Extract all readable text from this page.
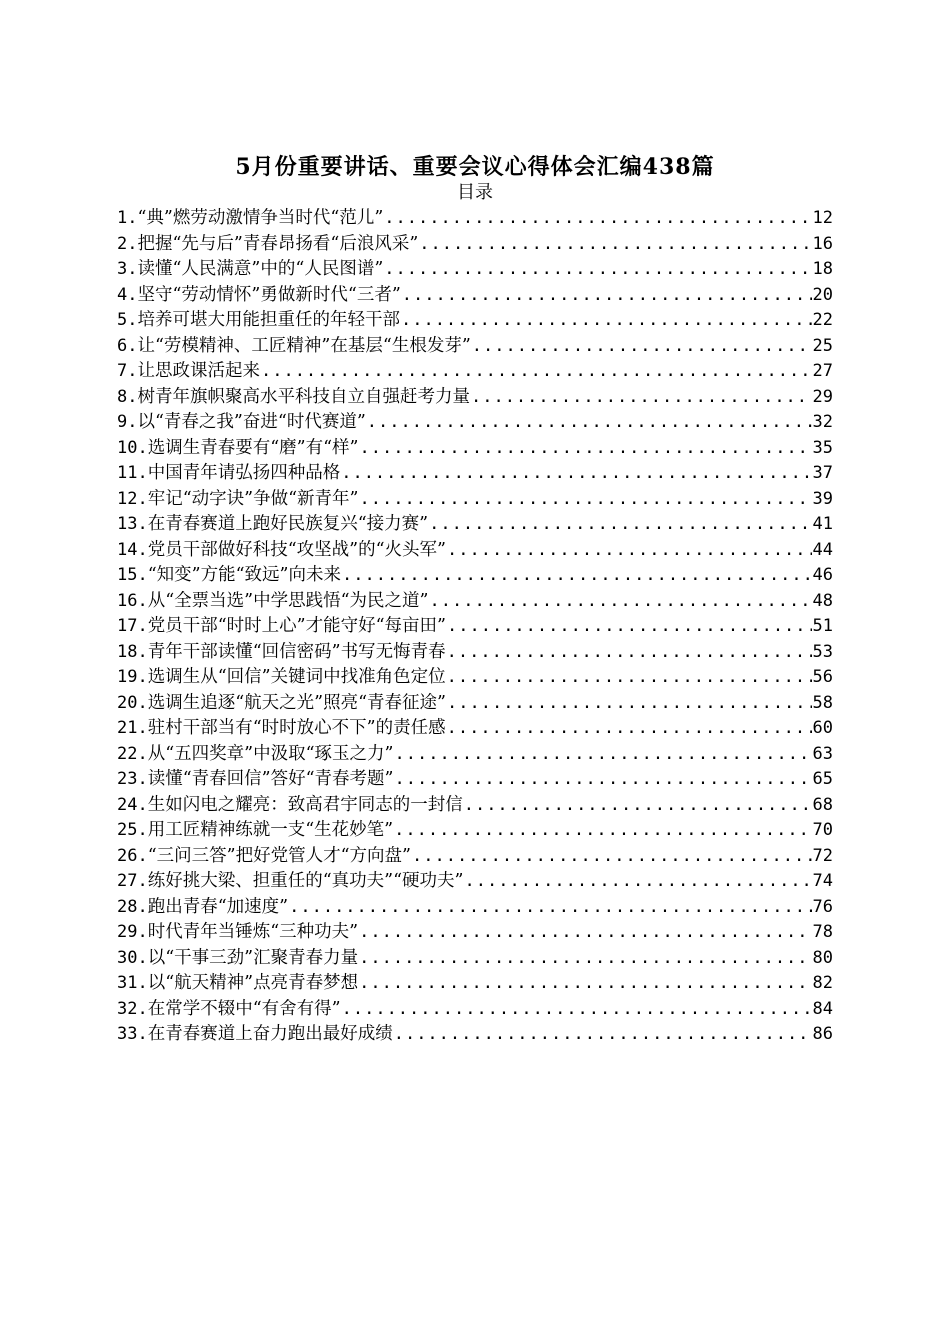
5月份重要讲话、重要会议心得体会汇编438篇
目录
1. “典”燃劳动激情争当时代“范儿” .....	12
2. 把握“先与后”青春昂扬看“后浪风采” .....	16
3. 读懂“人民满意”中的“人民图谱” .....	18
4. 坚守“劳动情怀”勇做新时代“三者” .....	20
5. 培养可堪大用能担重任的年轻干部 .....	22
6. 让“劳模精神、工匠精神”在基层“生根发芽” .....	25
7. 让思政课活起来 .....	27
8. 树青年旗帜聚高水平科技自立自强赶考力量 .....	29
9. 以“青春之我”奋进“时代赛道” .....	32
10. 选调生青春要有“磨”有“样” .....	35
11. 中国青年请弘扬四种品格 .....	37
12. 牢记“动字诀”争做“新青年” .....	39
13. 在青春赛道上跑好民族复兴“接力赛” .....	41
14. 党员干部做好科技“攻坚战”的“火头军” .....	44
15. “知变”方能“致远”向未来 .....	46
16. 从“全票当选”中学思践悟“为民之道” .....	48
17. 党员干部“时时上心”才能守好“每亩田” .....	51
18. 青年干部读懂“回信密码”书写无悔青春 .....	53
19. 选调生从“回信”关键词中找准角色定位 .....	56
20. 选调生追逐“航天之光”照亮“青春征途” .....	58
21. 驻村干部当有“时时放心不下”的责任感 .....	60
22. 从“五四奖章”中汲取“琢玉之力” .....	63
23. 读懂“青春回信”答好“青春考题” .....	65
24. 生如闪电之耀亮：致高君宇同志的一封信 .....	68
25. 用工匠精神练就一支“生花妙笔” .....	70
26. “三问三答”把好党管人才“方向盘” .....	72
27. 练好挑大梁、担重任的“真功夫”“硬功夫” .....	74
28. 跑出青春“加速度” .....	76
29. 时代青年当锤炼“三种功夫” .....	78
30. 以“干事三劲”汇聚青春力量 .....	80
31. 以“航天精神”点亮青春梦想 .....	82
32. 在常学不辍中“有舍有得” .....	84
33. 在青春赛道上奋力跑出最好成绩 .....	86
